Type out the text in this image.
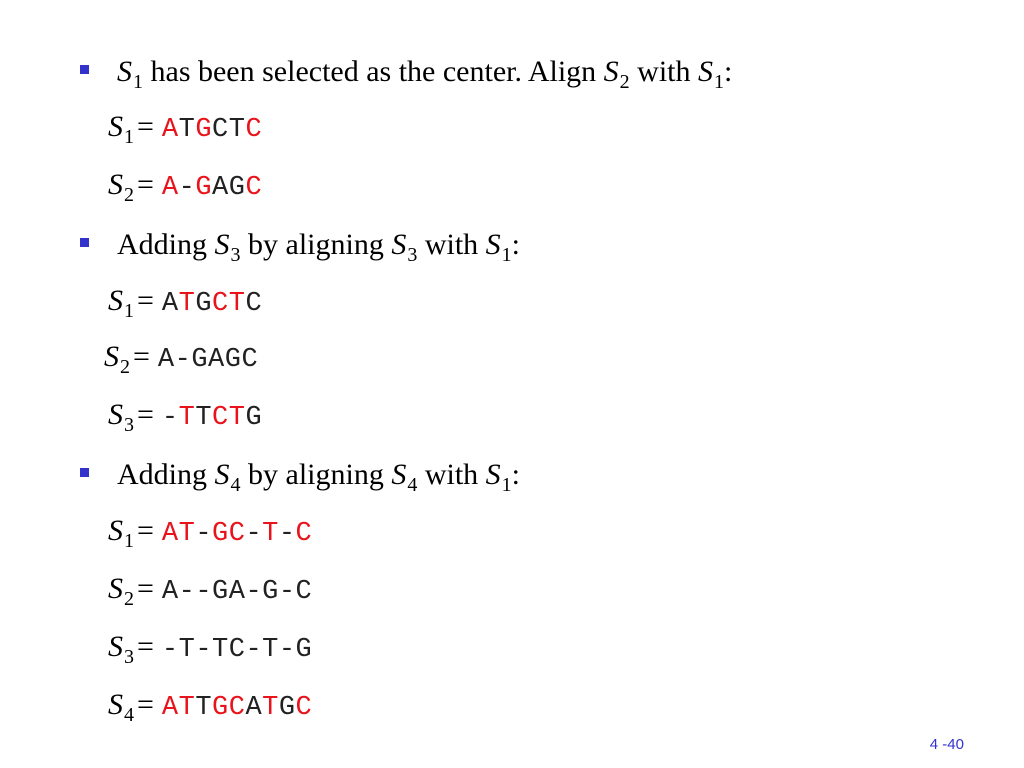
S 1 has been selected as the center. Align S 2 with S 1 :
Adding S 3 by aligning S 3 with S 1 :
Adding S 4 by aligning S 4 with S 1 :
S 1 = ATGCTC
S 2 = A-GAGC
S 1 = ATGCTC
S 2 = A-GAGC
S 3 = -TTCTG
S 1 = AT-GC-T-C
S 2 = A--GA-G-C
S 3 = -T-TC-T-G
S 4 = ATTGCATGC
4 -40
